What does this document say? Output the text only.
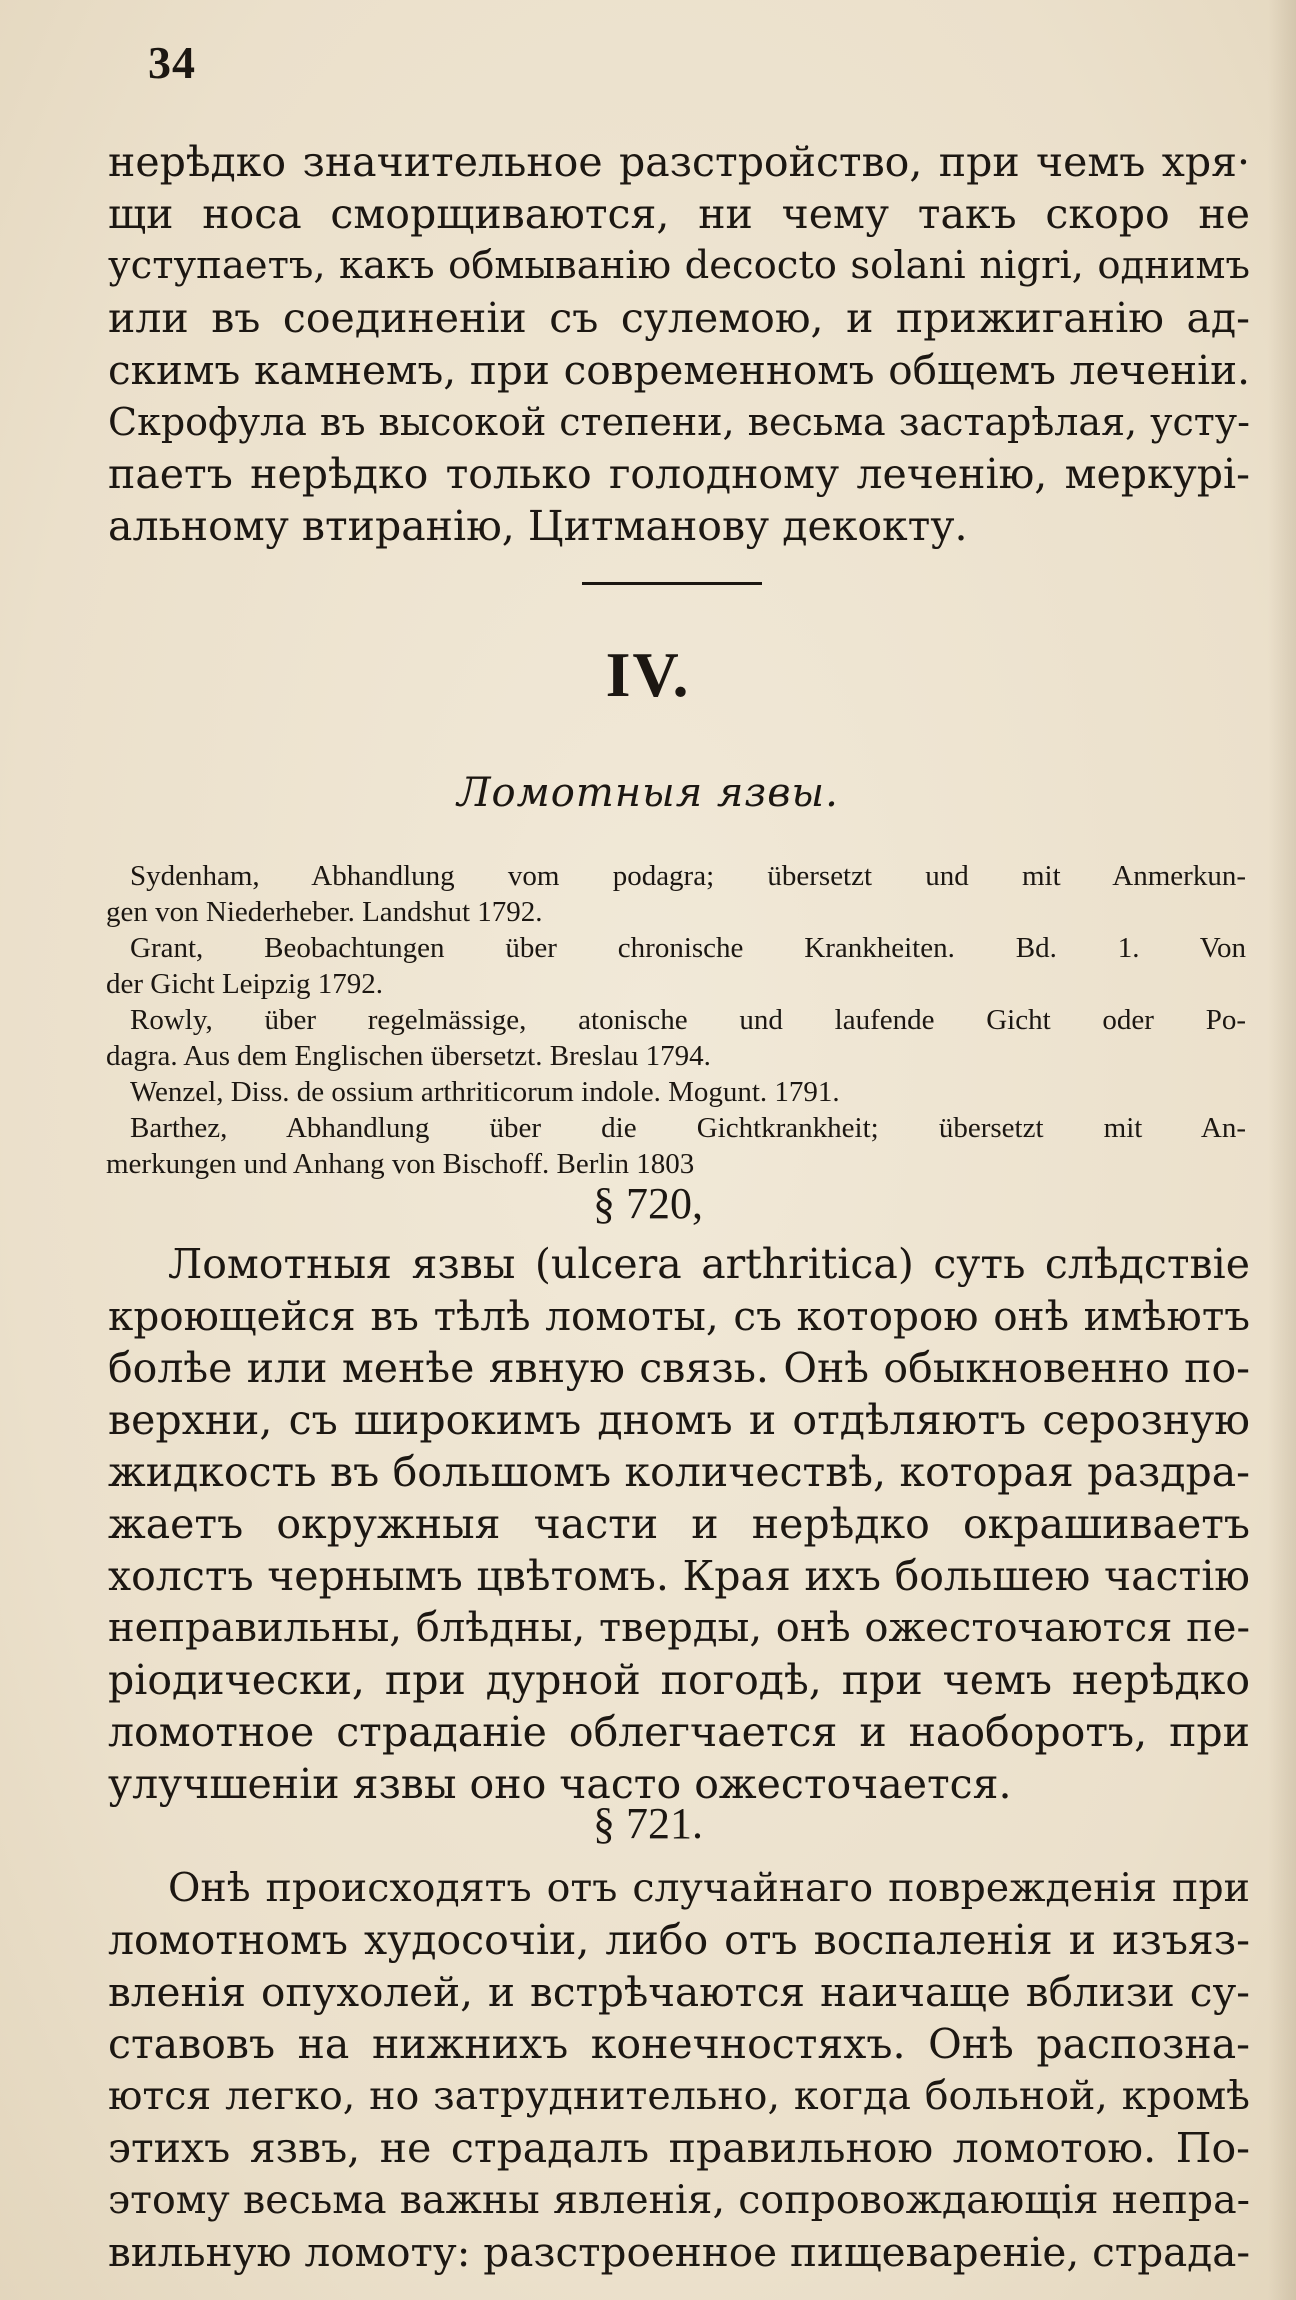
34
нерѣдко значительное разстройство, при чемъ хря·
щи носа сморщиваются, ни чему такъ скоро не
уступаетъ, какъ обмыванію decocto solani nigri, однимъ
или въ соединеніи съ сулемою, и прижиганію ад-
скимъ камнемъ, при современномъ общемъ леченіи.
Скрофула въ высокой степени, весьма застарѣлая, усту-
паетъ нерѣдко только голодному леченію, меркурі-
альному втиранію, Цитманову декокту.
IV.
Ломотныя язвы.
Sydenham, Abhandlung vom podagra; übersetzt und mit Anmerkun-
gen von Niederheber. Landshut 1792.
Grant, Beobachtungen über chronische Krankheiten. Bd. 1. Von
der Gicht Leipzig 1792.
Rowly, über regelmässige, atonische und laufende Gicht oder Po-
dagra. Aus dem Englischen übersetzt. Breslau 1794.
Wenzel, Diss. de ossium arthriticorum indole. Mogunt. 1791.
Barthez, Abhandlung über die Gichtkrankheit; übersetzt mit An-
merkungen und Anhang von Bischoff. Berlin 1803
§ 720,
Ломотныя язвы (ulcera arthritica) суть слѣдствіе
кроющейся въ тѣлѣ ломоты, съ которою онѣ имѣютъ
болѣе или менѣе явную связь. Онѣ обыкновенно по-
верхни, съ широкимъ дномъ и отдѣляютъ серозную
жидкость въ большомъ количествѣ, которая раздра-
жаетъ окружныя части и нерѣдко окрашиваетъ
холстъ чернымъ цвѣтомъ. Края ихъ большею частію
неправильны, блѣдны, тверды, онѣ ожесточаются пе-
ріодически, при дурной погодѣ, при чемъ нерѣдко
ломотное страданіе облегчается и наоборотъ, при
улучшеніи язвы оно часто ожесточается.
§ 721.
Онѣ происходятъ отъ случайнаго поврежденія при
ломотномъ худосочіи, либо отъ воспаленія и изъяз-
вленія опухолей, и встрѣчаются наичаще вблизи су-
ставовъ на нижнихъ конечностяхъ. Онѣ распозна-
ются легко, но затруднительно, когда больной, кромѣ
этихъ язвъ, не страдалъ правильною ломотою. По-
этому весьма важны явленія, сопровождающія непра-
вильную ломоту: разстроенное пищевареніе, страда-
